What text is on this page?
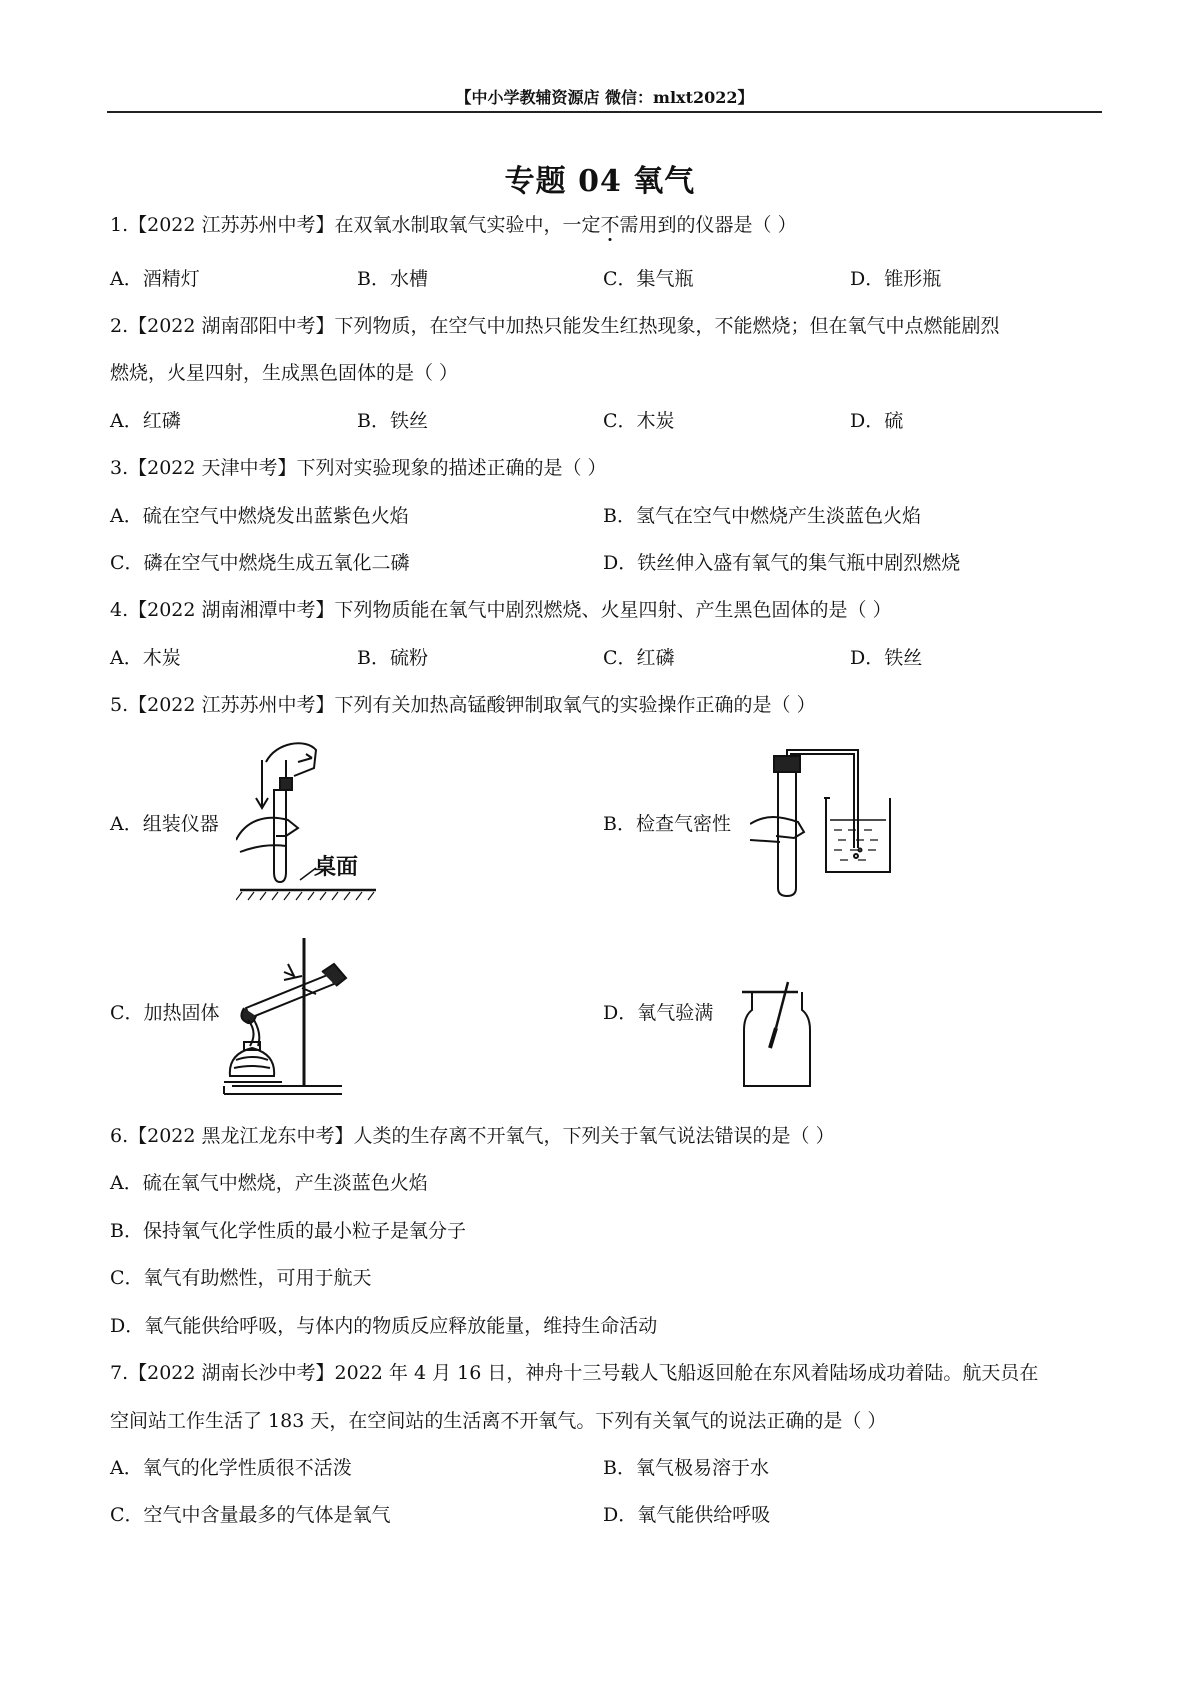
【中小学教辅资源店 微信：mlxt2022】
专题 04 氧气
1.【2022 江苏苏州中考】在双氧水制取氧气实验中，一定不需用到的仪器是（ ）
A．酒精灯	B．水槽	C．集气瓶	D．锥形瓶
2.【2022 湖南邵阳中考】下列物质，在空气中加热只能发生红热现象，不能燃烧；但在氧气中点燃能剧烈
燃烧，火星四射，生成黑色固体的是（ ）
A．红磷	B．铁丝	C．木炭	D．硫
3.【2022 天津中考】下列对实验现象的描述正确的是（ ）
A．硫在空气中燃烧发出蓝紫色火焰	B．氢气在空气中燃烧产生淡蓝色火焰
C．磷在空气中燃烧生成五氧化二磷	D．铁丝伸入盛有氧气的集气瓶中剧烈燃烧
4.【2022 湖南湘潭中考】下列物质能在氧气中剧烈燃烧、火星四射、产生黑色固体的是（ ）
A．木炭	B．硫粉	C．红磷	D．铁丝
5.【2022 江苏苏州中考】下列有关加热高锰酸钾制取氧气的实验操作正确的是（ ）
A．组装仪器	B．检查气密性
C．加热固体	D．氧气验满
桌面
6.【2022 黑龙江龙东中考】人类的生存离不开氧气，下列关于氧气说法错误的是（ ）
A．硫在氧气中燃烧，产生淡蓝色火焰
B．保持氧气化学性质的最小粒子是氧分子
C．氧气有助燃性，可用于航天
D．氧气能供给呼吸，与体内的物质反应释放能量，维持生命活动
7.【2022 湖南长沙中考】2022 年 4 月 16 日，神舟十三号载人飞船返回舱在东风着陆场成功着陆。航天员在
空间站工作生活了 183 天，在空间站的生活离不开氧气。下列有关氧气的说法正确的是（ ）
A．氧气的化学性质很不活泼	B．氧气极易溶于水
C．空气中含量最多的气体是氧气	D．氧气能供给呼吸
